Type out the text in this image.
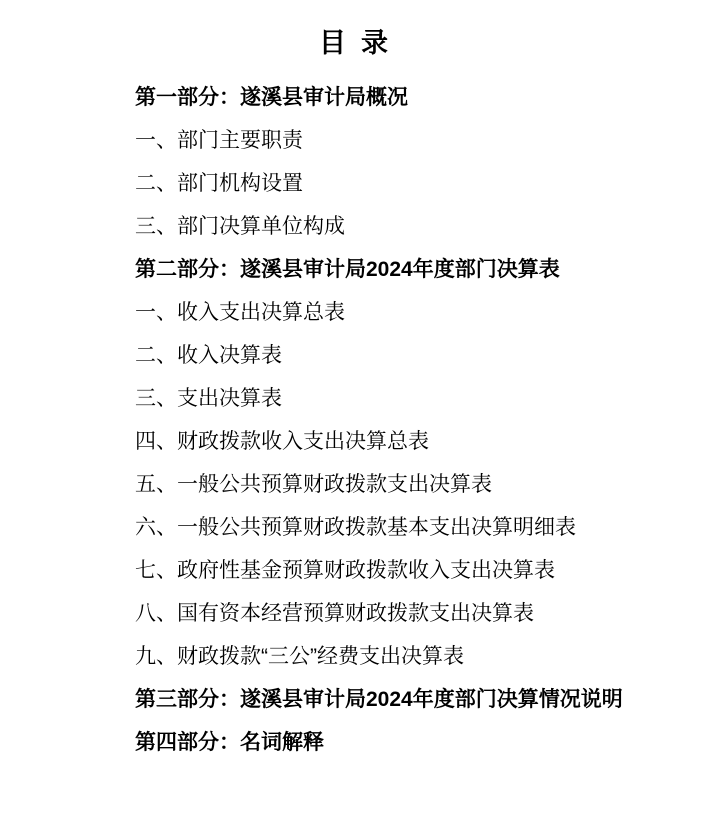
目  录
第一部分：遂溪县审计局概况
一、部门主要职责
二、部门机构设置
三、部门决算单位构成
第二部分：遂溪县审计局2024年度部门决算表
一、收入支出决算总表
二、收入决算表
三、支出决算表
四、财政拨款收入支出决算总表
五、一般公共预算财政拨款支出决算表
六、一般公共预算财政拨款基本支出决算明细表
七、政府性基金预算财政拨款收入支出决算表
八、国有资本经营预算财政拨款支出决算表
九、财政拨款“三公”经费支出决算表
第三部分：遂溪县审计局2024年度部门决算情况说明
第四部分：名词解释
